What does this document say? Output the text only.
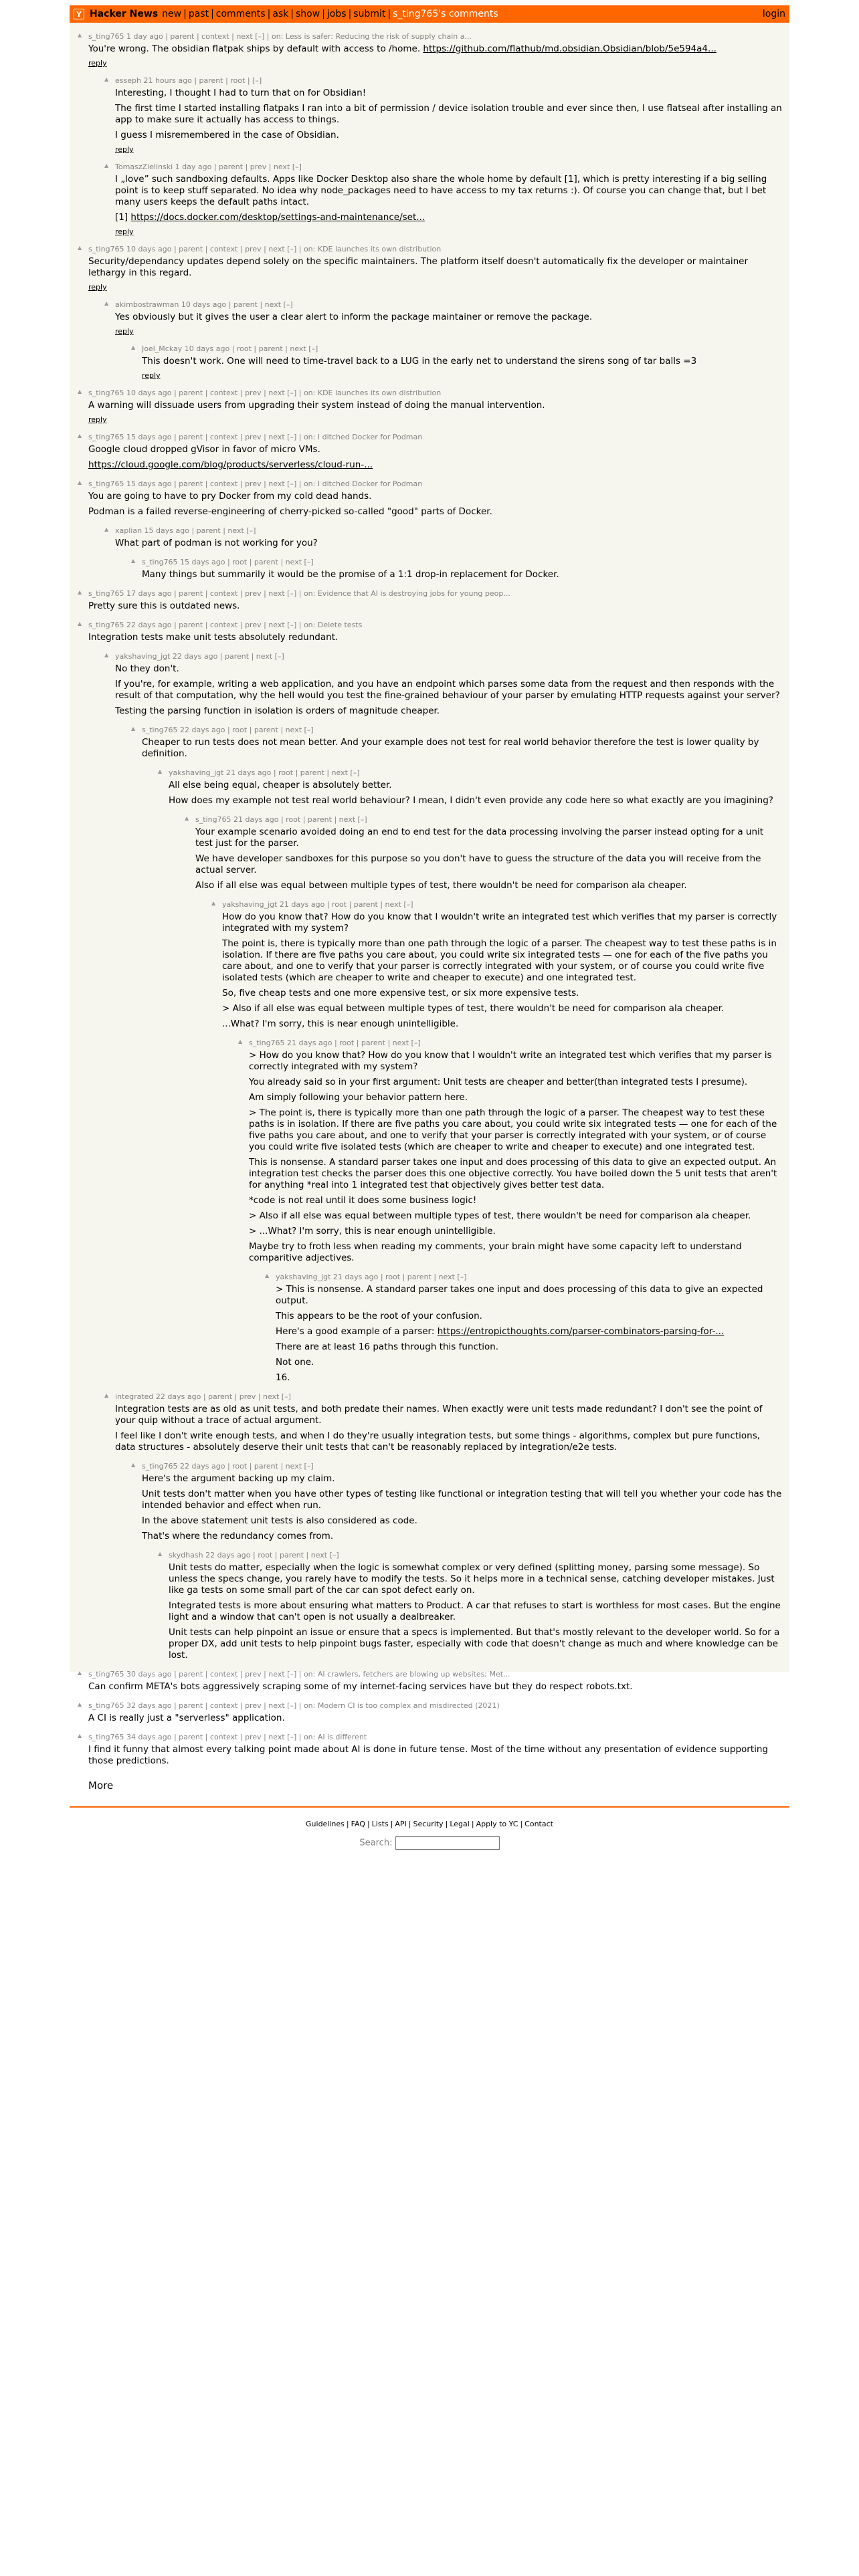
Y Hacker News new | past | comments | ask | show | jobs | submit | s_ting765's comments	login
▲ s_ting765 1 day ago | parent | context | next [–] | on: Less is safer: Reducing the risk of supply chain a...

You're wrong. The obsidian flatpak ships by default with access to /home. https://github.com/flathub/md.obsidian.Obsidian/blob/5e594a4...

reply
▲ esseph 21 hours ago | parent | root | [–]

Interesting, I thought I had to turn that on for Obsidian!

The first time I started installing flatpaks I ran into a bit of permission / device isolation trouble and ever since then, I use flatseal after installing an app to make sure it actually has access to things.

I guess I misremembered in the case of Obsidian.

reply
▲ TomaszZielinski 1 day ago | parent | prev | next [–]

I „love” such sandboxing defaults. Apps like Docker Desktop also share the whole home by default [1], which is pretty interesting if a big selling point is to keep stuff separated. No idea why node_packages need to have access to my tax returns :). Of course you can change that, but I bet many users keeps the default paths intact.

[1] https://docs.docker.com/desktop/settings-and-maintenance/set...

reply
▲ s_ting765 10 days ago | parent | context | prev | next [–] | on: KDE launches its own distribution

Security/dependancy updates depend solely on the specific maintainers. The platform itself doesn't automatically fix the developer or maintainer lethargy in this regard.

reply
▲ akimbostrawman 10 days ago | parent | next [–]

Yes obviously but it gives the user a clear alert to inform the package maintainer or remove the package.

reply
▲ Joel_Mckay 10 days ago | root | parent | next [–]

This doesn't work. One will need to time-travel back to a LUG in the early net to understand the sirens song of tar balls =3

reply
▲ s_ting765 10 days ago | parent | context | prev | next [–] | on: KDE launches its own distribution

A warning will dissuade users from upgrading their system instead of doing the manual intervention.

reply
▲ s_ting765 15 days ago | parent | context | prev | next [–] | on: I ditched Docker for Podman

Google cloud dropped gVisor in favor of micro VMs.

https://cloud.google.com/blog/products/serverless/cloud-run-...

▲ s_ting765 15 days ago | parent | context | prev | next [–] | on: I ditched Docker for Podman

You are going to have to pry Docker from my cold dead hands.

Podman is a failed reverse-engineering of cherry-picked so-called "good" parts of Docker.

▲ xaplian 15 days ago | parent | next [–]

What part of podman is not working for you?

▲ s_ting765 15 days ago | root | parent | next [–]

Many things but summarily it would be the promise of a 1:1 drop-in replacement for Docker.

▲ s_ting765 17 days ago | parent | context | prev | next [–] | on: Evidence that AI is destroying jobs for young peop...

Pretty sure this is outdated news.

▲ s_ting765 22 days ago | parent | context | prev | next [–] | on: Delete tests

Integration tests make unit tests absolutely redundant.

▲ yakshaving_jgt 22 days ago | parent | next [–]

No they don't.

If you're, for example, writing a web application, and you have an endpoint which parses some data from the request and then responds with the result of that computation, why the hell would you test the fine-grained behaviour of your parser by emulating HTTP requests against your server?

Testing the parsing function in isolation is orders of magnitude cheaper.

▲ s_ting765 22 days ago | root | parent | next [–]

Cheaper to run tests does not mean better. And your example does not test for real world behavior therefore the test is lower quality by definition.

▲ yakshaving_jgt 21 days ago | root | parent | next [–]

All else being equal, cheaper is absolutely better.

How does my example not test real world behaviour? I mean, I didn't even provide any code here so what exactly are you imagining?

▲ s_ting765 21 days ago | root | parent | next [–]

Your example scenario avoided doing an end to end test for the data processing involving the parser instead opting for a unit test just for the parser.

We have developer sandboxes for this purpose so you don't have to guess the structure of the data you will receive from the actual server.

Also if all else was equal between multiple types of test, there wouldn't be need for comparison ala cheaper.

▲ yakshaving_jgt 21 days ago | root | parent | next [–]

How do you know that? How do you know that I wouldn't write an integrated test which verifies that my parser is correctly integrated with my system?

The point is, there is typically more than one path through the logic of a parser. The cheapest way to test these paths is in isolation. If there are five paths you care about, you could write six integrated tests — one for each of the five paths you care about, and one to verify that your parser is correctly integrated with your system, or of course you could write five isolated tests (which are cheaper to write and cheaper to execute) and one integrated test.

So, five cheap tests and one more expensive test, or six more expensive tests.

> Also if all else was equal between multiple types of test, there wouldn't be need for comparison ala cheaper.

...What? I'm sorry, this is near enough unintelligible.

▲ s_ting765 21 days ago | root | parent | next [–]

> How do you know that? How do you know that I wouldn't write an integrated test which verifies that my parser is correctly integrated with my system?

You already said so in your first argument: Unit tests are cheaper and better(than integrated tests I presume).

Am simply following your behavior pattern here.

> The point is, there is typically more than one path through the logic of a parser. The cheapest way to test these paths is in isolation. If there are five paths you care about, you could write six integrated tests — one for each of the five paths you care about, and one to verify that your parser is correctly integrated with your system, or of course you could write five isolated tests (which are cheaper to write and cheaper to execute) and one integrated test.

This is nonsense. A standard parser takes one input and does processing of this data to give an expected output. An integration test checks the parser does this one objective correctly. You have boiled down the 5 unit tests that aren't for anything *real into 1 integrated test that objectively gives better test data.

*code is not real until it does some business logic!

> Also if all else was equal between multiple types of test, there wouldn't be need for comparison ala cheaper.

> ...What? I'm sorry, this is near enough unintelligible.

Maybe try to froth less when reading my comments, your brain might have some capacity left to understand comparitive adjectives.

▲ yakshaving_jgt 21 days ago | root | parent | next [–]

> This is nonsense. A standard parser takes one input and does processing of this data to give an expected output.

This appears to be the root of your confusion.

Here's a good example of a parser: https://entropicthoughts.com/parser-combinators-parsing-for-...

There are at least 16 paths through this function.

Not one.

16.

▲ integrated 22 days ago | parent | prev | next [–]

Integration tests are as old as unit tests, and both predate their names. When exactly were unit tests made redundant? I don't see the point of your quip without a trace of actual argument.

I feel like I don't write enough tests, and when I do they're usually integration tests, but some things - algorithms, complex but pure functions, data structures - absolutely deserve their unit tests that can't be reasonably replaced by integration/e2e tests.

▲ s_ting765 22 days ago | root | parent | next [–]

Here's the argument backing up my claim.

Unit tests don't matter when you have other types of testing like functional or integration testing that will tell you whether your code has the intended behavior and effect when run.

In the above statement unit tests is also considered as code.

That's where the redundancy comes from.

▲ skydhash 22 days ago | root | parent | next [–]

Unit tests do matter, especially when the logic is somewhat complex or very defined (splitting money, parsing some message). So unless the specs change, you rarely have to modify the tests. So it helps more in a technical sense, catching developer mistakes. Just like ga tests on some small part of the car can spot defect early on.

Integrated tests is more about ensuring what matters to Product. A car that refuses to start is worthless for most cases. But the engine light and a window that can't open is not usually a dealbreaker.

Unit tests can help pinpoint an issue or ensure that a specs is implemented. But that's mostly relevant to the developer world. So for a proper DX, add unit tests to help pinpoint bugs faster, especially with code that doesn't change as much and where knowledge can be lost.

▲ s_ting765 30 days ago | parent | context | prev | next [–] | on: AI crawlers, fetchers are blowing up websites; Met...

Can confirm META's bots aggressively scraping some of my internet-facing services have but they do respect robots.txt.

▲ s_ting765 32 days ago | parent | context | prev | next [–] | on: Modern CI is too complex and misdirected (2021)

A CI is really just a "serverless" application.

▲ s_ting765 34 days ago | parent | context | prev | next [–] | on: AI is different

I find it funny that almost every talking point made about AI is done in future tense. Most of the time without any presentation of evidence supporting those predictions.

More
Guidelines | FAQ | Lists | API | Security | Legal | Apply to YC | Contact
Search:
